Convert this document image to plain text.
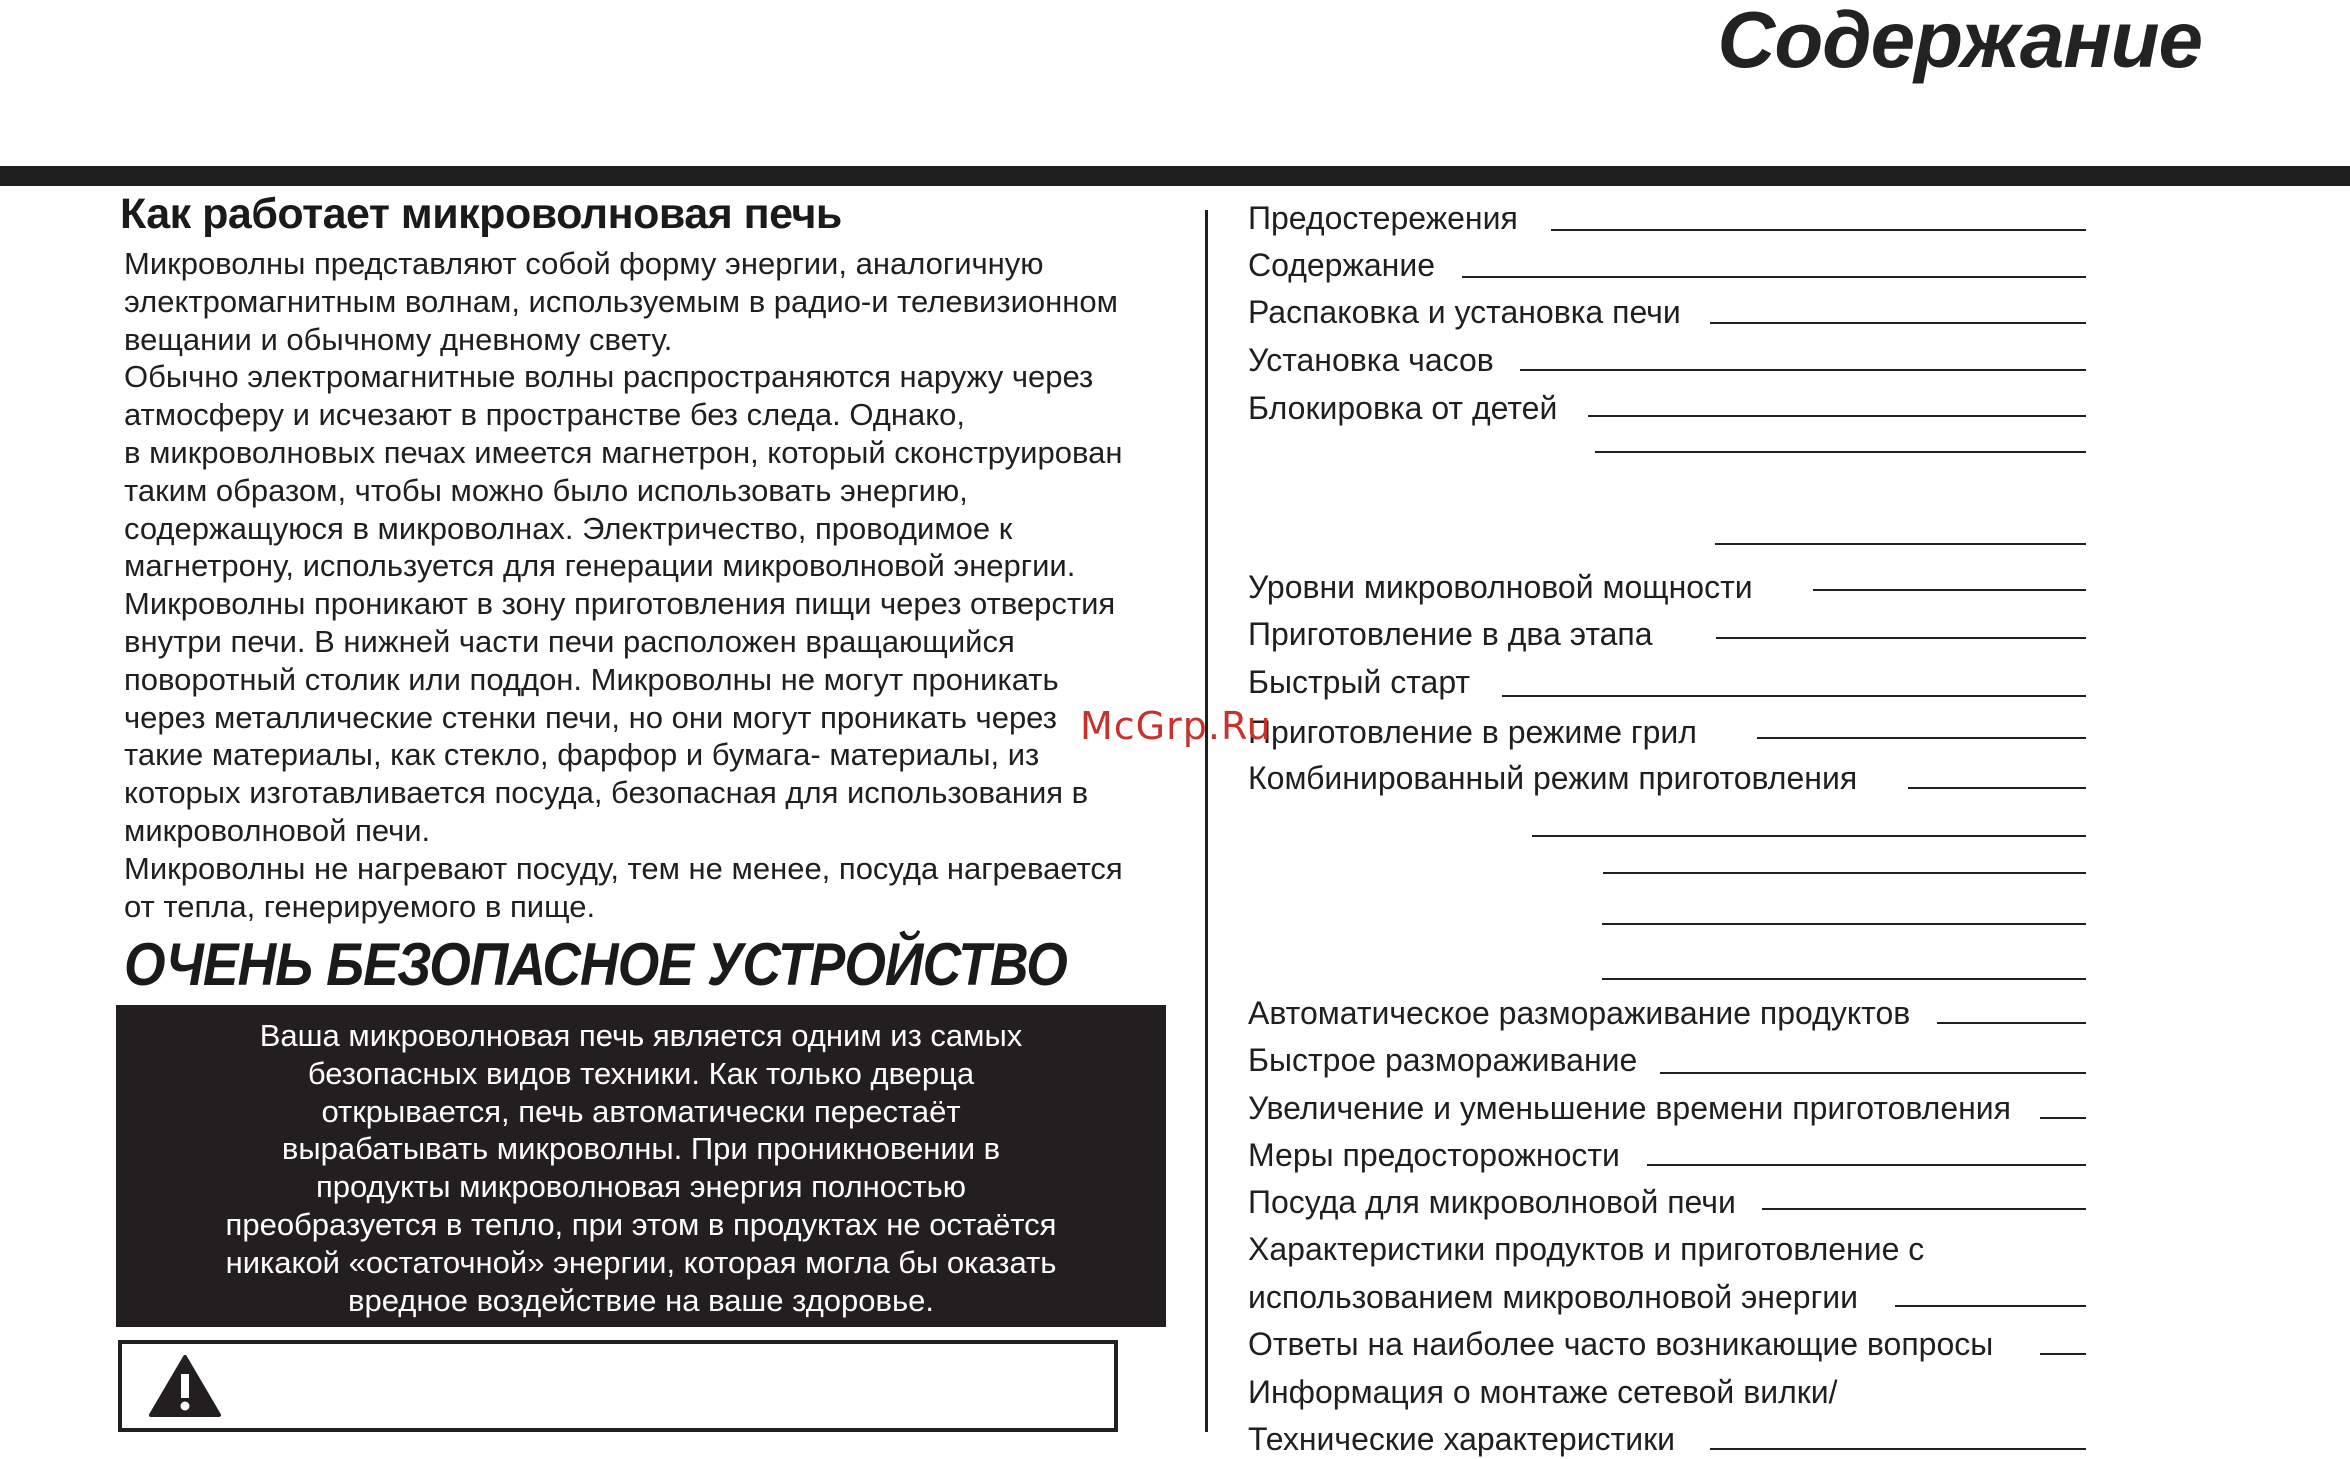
Содержание
Как работает микроволновая печь

Микроволны представляют собой форму энергии, аналогичную
электромагнитным волнам, используемым в радио-и телевизионном
вещании и обычному дневному свету.
Обычно электромагнитные волны распространяются наружу через
атмосферу и исчезают в пространстве без следа. Однако,
в микроволновых печах имеется магнетрон, который сконструирован
таким образом, чтобы можно было использовать энергию,
содержащуюся в микроволнах. Электричество, проводимое к
магнетрону, используется для генерации микроволновой энергии.
Микроволны проникают в зону приготовления пищи через отверстия
внутри печи. В нижней части печи расположен вращающийся
поворотный столик или поддон. Микроволны не могут проникать
через металлические стенки печи, но они могут проникать через
такие материалы, как стекло, фарфор и бумага- материалы, из
которых изготавливается посуда, безопасная для использования в
микроволновой печи.
Микроволны не нагревают посуду, тем не менее, посуда нагревается
от тепла, генерируемого в пище.

ОЧЕНЬ БЕЗОПАСНОЕ УСТРОЙСТВО

Ваша микроволновая печь является одним из самых
безопасных видов техники. Как только дверца
открывается, печь автоматически перестаёт
вырабатывать микроволны. При проникновении в
продукты микроволновая энергия полностью
преобразуется в тепло, при этом в продуктах не остаётся
никакой «остаточной» энергии, которая могла бы оказать
вредное воздействие на ваше здоровье.

Предостережения
Содержание
Распаковка и установка печи
Установка часов
Блокировка от детей
Уровни микроволновой мощности
Приготовление в два этапа
Быстрый старт
Приготовление в режиме грил
Комбинированный режим приготовления
Автоматическое размораживание продуктов
Быстрое размораживание
Увеличение и уменьшение времени приготовления
Меры предосторожности
Посуда для микроволновой печи
Характеристики продуктов и приготовление с
использованием микроволновой энергии
Ответы на наиболее часто возникающие вопросы
Информация о монтаже сетевой вилки/
Технические характеристики
McGrp.Ru
